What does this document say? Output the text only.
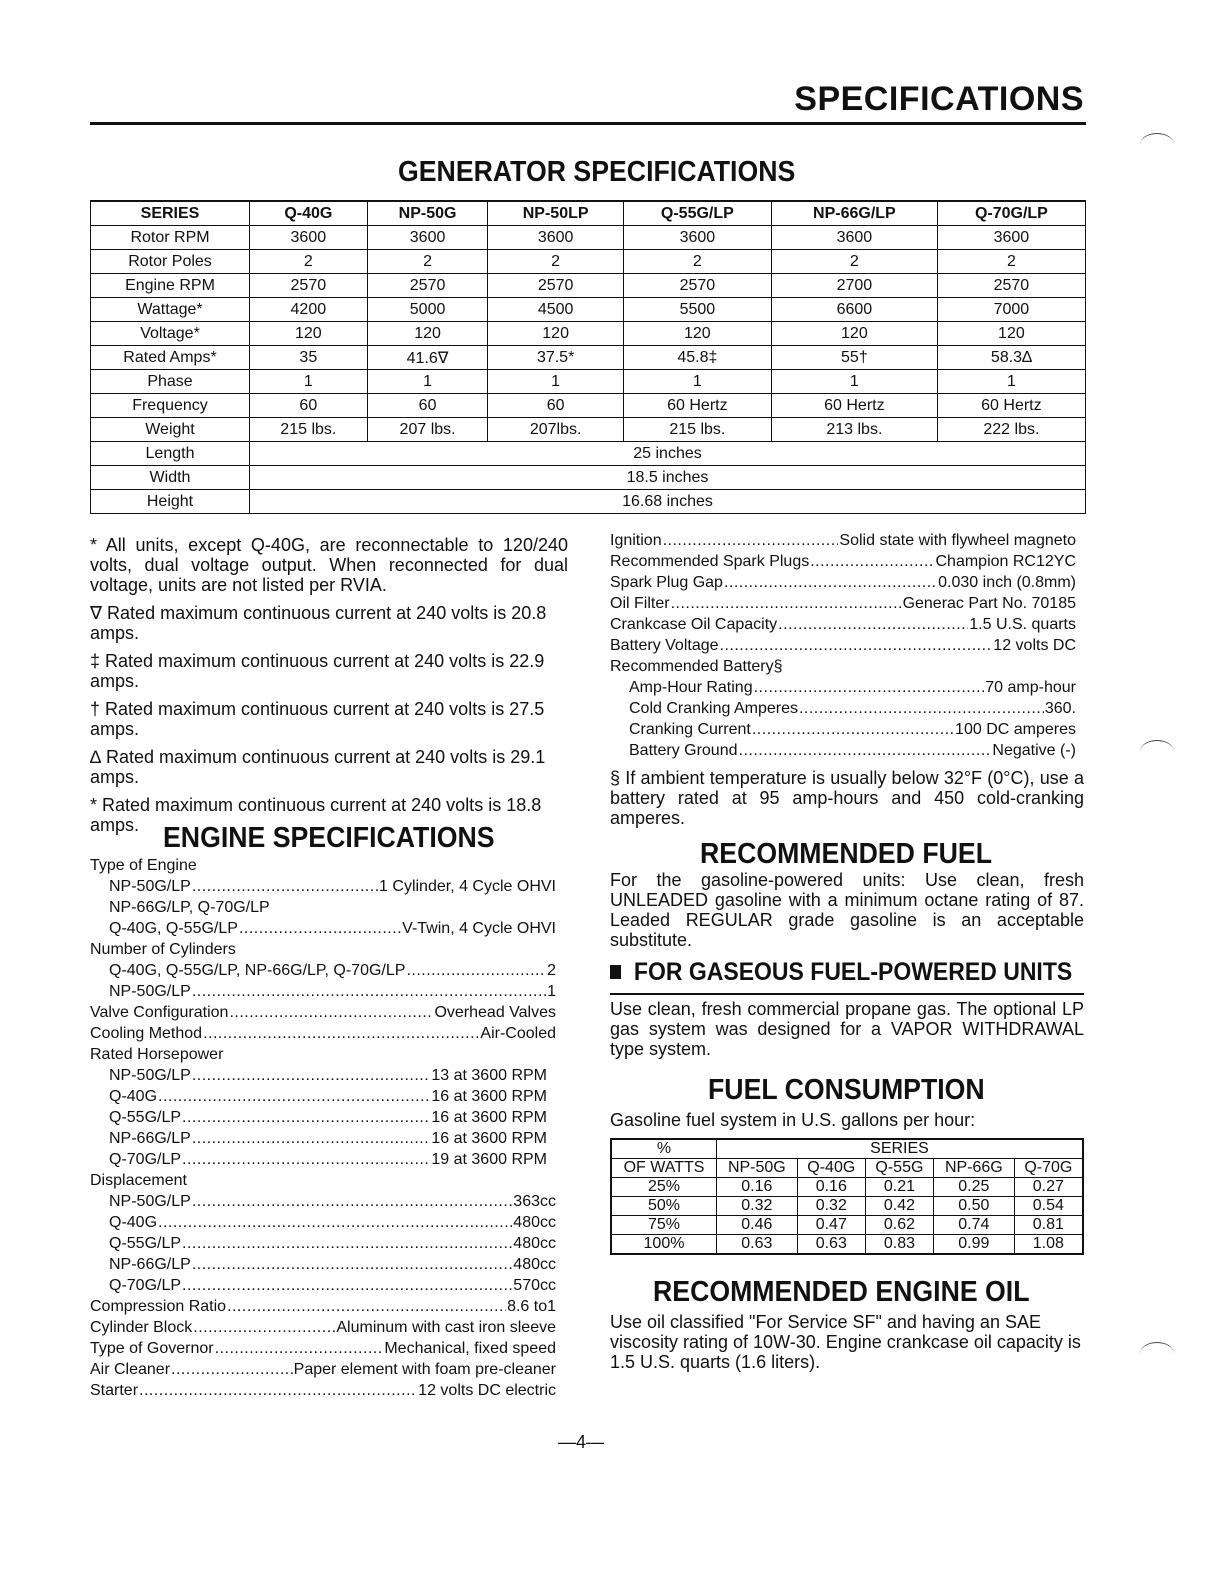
SPECIFICATIONS
GENERATOR SPECIFICATIONS
SERIES	Q-40G	NP-50G	NP-50LP	Q-55G/LP	NP-66G/LP	Q-70G/LP
Rotor RPM	3600	3600	3600	3600	3600	3600
Rotor Poles	2	2	2	2	2	2
Engine RPM	2570	2570	2570	2570	2700	2570
Wattage*	4200	5000	4500	5500	6600	7000
Voltage*	120	120	120	120	120	120
Rated Amps*	35	41.6∇	37.5*	45.8‡	55†	58.3∆
Phase	1	1	1	1	1	1
Frequency	60	60	60	60 Hertz	60 Hertz	60 Hertz
Weight	215 lbs.	207 lbs.	207lbs.	215 lbs.	213 lbs.	222 lbs.
Length	25 inches					
Width	18.5 inches					
Height	16.68 inches					

* All units, except Q-40G, are reconnectable to 120/240 volts, dual voltage output. When reconnected for dual voltage, units are not listed per RVIA.

∇ Rated maximum continuous current at 240 volts is 20.8 amps.

‡ Rated maximum continuous current at 240 volts is 22.9 amps.

† Rated maximum continuous current at 240 volts is 27.5 amps.

∆ Rated maximum continuous current at 240 volts is 29.1 amps.

* Rated maximum continuous current at 240 volts is 18.8 amps.

Ignition .....	Solid state with flywheel magneto
Recommended Spark Plugs .....	Champion RC12YC
Spark Plug Gap .....	0.030 inch (0.8mm)
Oil Filter .....	Generac Part No. 70185
Crankcase Oil Capacity .....	1.5 U.S. quarts
Battery Voltage .....	12 volts DC
Recommended Battery§
Amp-Hour Rating .....	70 amp-hour
Cold Cranking Amperes .....	360.
Cranking Current .....	100 DC amperes
Battery Ground .....	Negative (-)
§ If ambient temperature is usually below 32°F (0°C), use a battery rated at 95 amp-hours and 450 cold-cranking amperes.
ENGINE SPECIFICATIONS
Type of Engine
NP-50G/LP .....	1 Cylinder, 4 Cycle OHVI
NP-66G/LP, Q-70G/LP
Q-40G, Q-55G/LP .....	V-Twin, 4 Cycle OHVI
Number of Cylinders
Q-40G, Q-55G/LP, NP-66G/LP, Q-70G/LP .....	2
NP-50G/LP .....	1
Valve Configuration .....	Overhead Valves
Cooling Method .....	Air-Cooled
Rated Horsepower
NP-50G/LP .....	13 at 3600 RPM
Q-40G .....	16 at 3600 RPM
Q-55G/LP .....	16 at 3600 RPM
NP-66G/LP .....	16 at 3600 RPM
Q-70G/LP .....	19 at 3600 RPM
Displacement
NP-50G/LP .....	363cc
Q-40G .....	480cc
Q-55G/LP .....	480cc
NP-66G/LP .....	480cc
Q-70G/LP .....	570cc
Compression Ratio .....	8.6 to1
Cylinder Block .....	Aluminum with cast iron sleeve
Type of Governor .....	Mechanical, fixed speed
Air Cleaner .....	Paper element with foam pre-cleaner
Starter .....	12 volts DC electric
RECOMMENDED FUEL
For the gasoline-powered units: Use clean, fresh UNLEADED gasoline with a minimum octane rating of 87. Leaded REGULAR grade gasoline is an acceptable substitute.
FOR GASEOUS FUEL-POWERED UNITS
Use clean, fresh commercial propane gas. The optional LP gas system was designed for a VAPOR WITHDRAWAL type system.
FUEL CONSUMPTION
Gasoline fuel system in U.S. gallons per hour:
%	SERIES				
OF WATTS	NP-50G	Q-40G	Q-55G	NP-66G	Q-70G
25%	0.16	0.16	0.21	0.25	0.27
50%	0.32	0.32	0.42	0.50	0.54
75%	0.46	0.47	0.62	0.74	0.81
100%	0.63	0.63	0.83	0.99	1.08
RECOMMENDED ENGINE OIL
Use oil classified "For Service SF" and having an SAE viscosity rating of 10W-30. Engine crankcase oil capacity is 1.5 U.S. quarts (1.6 liters).
—4—
